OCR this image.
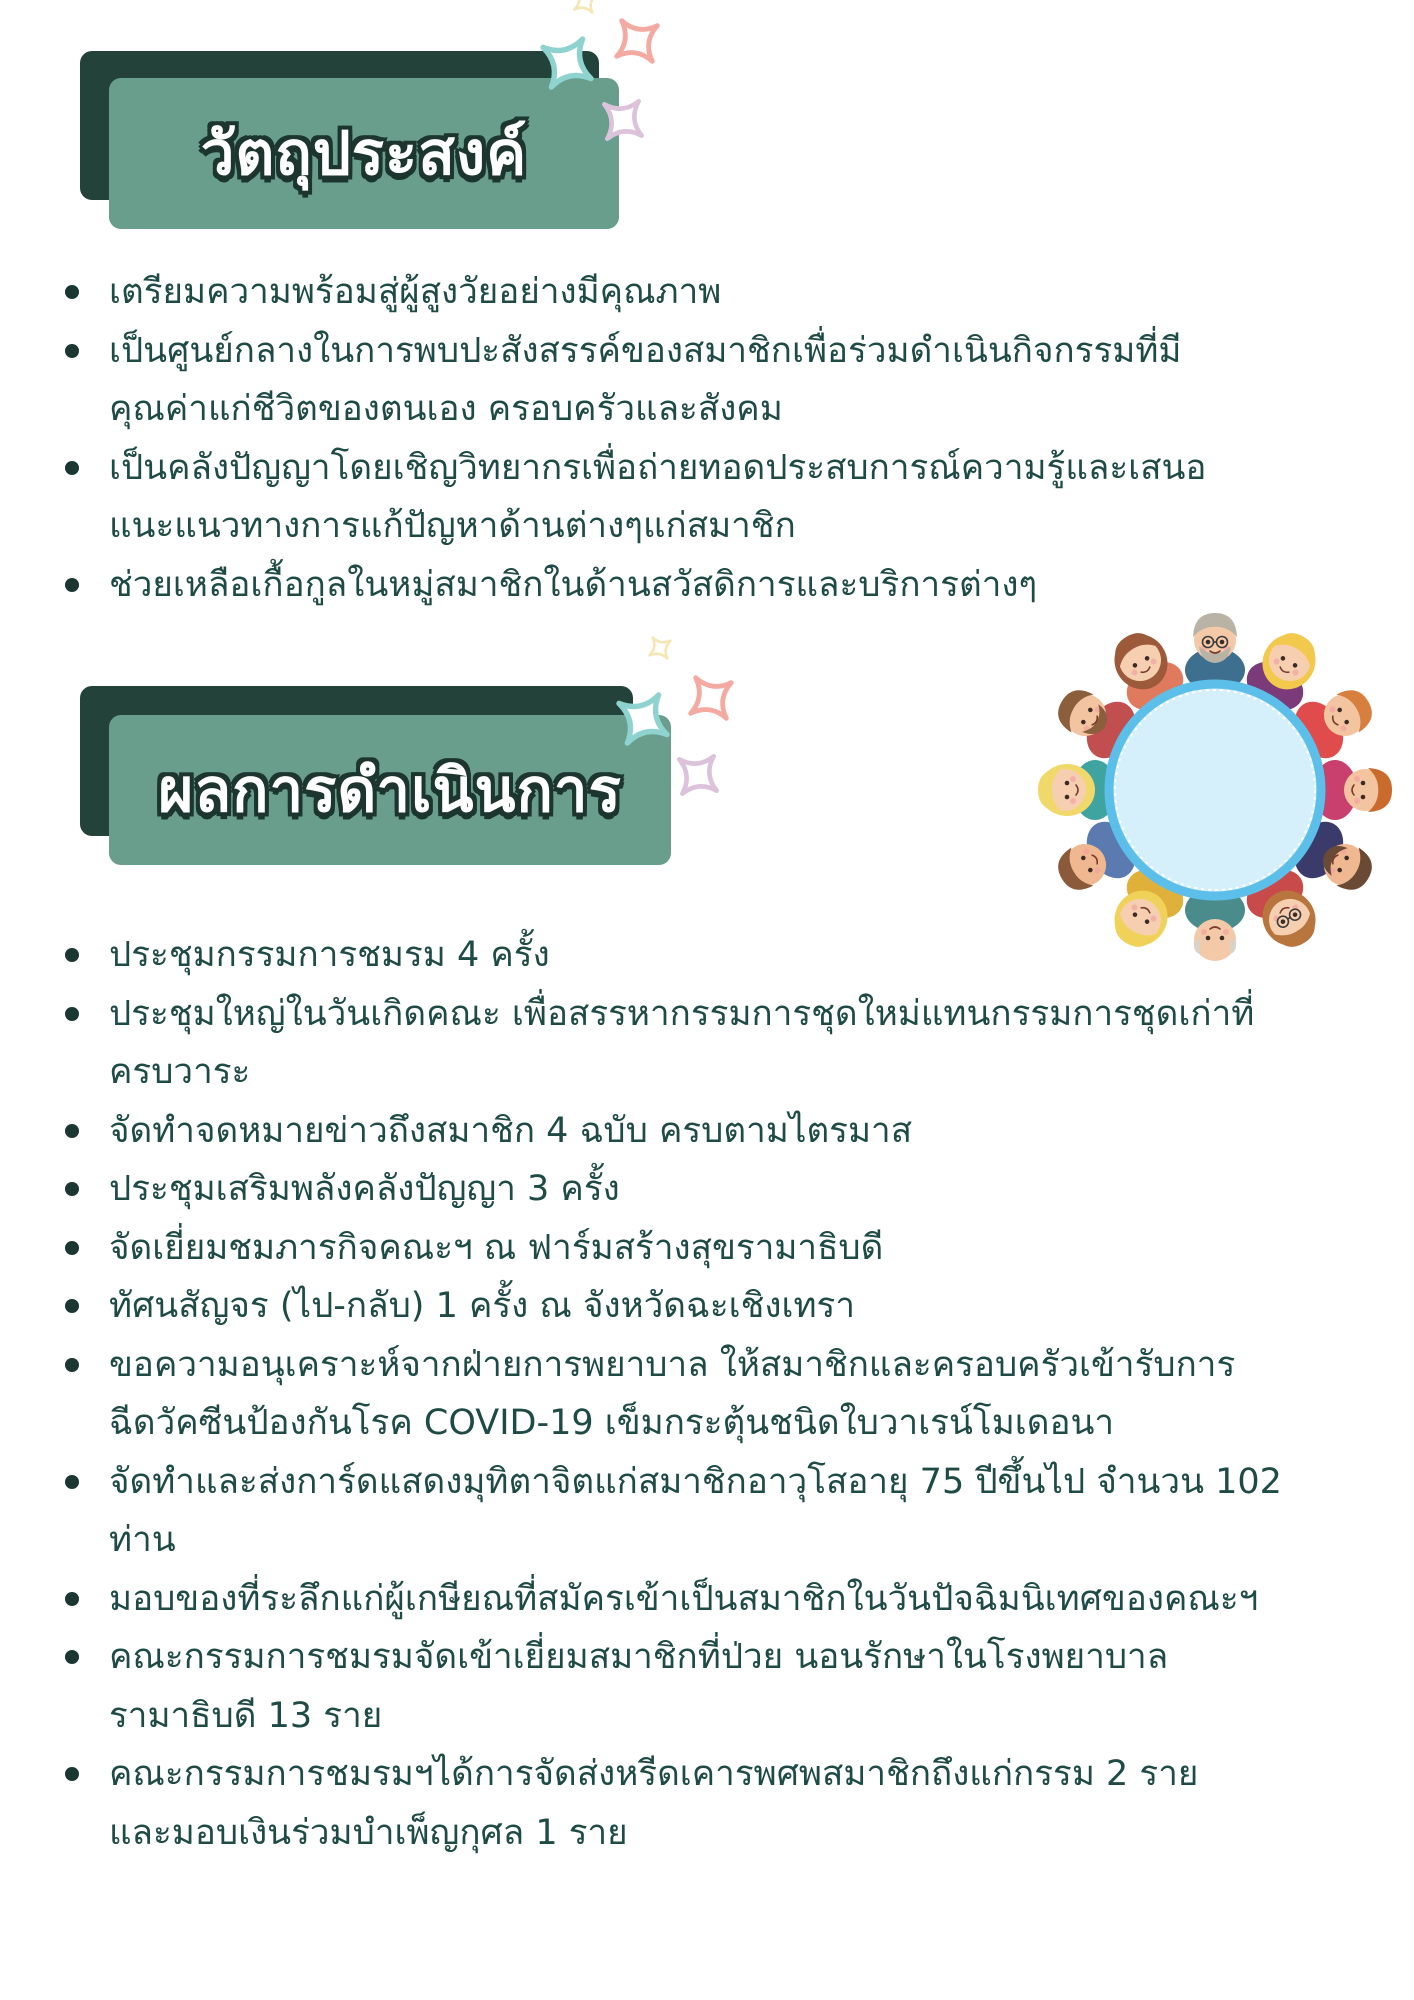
วัตถุประสงค์
เตรียมความพร้อมสู่ผู้สูงวัยอย่างมีคุณภาพ
เป็นศูนย์กลางในการพบปะสังสรรค์ของสมาชิกเพื่อร่วมดำเนินกิจกรรมที่มี
คุณค่าแก่ชีวิตของตนเอง ครอบครัวและสังคม
เป็นคลังปัญญาโดยเชิญวิทยากรเพื่อถ่ายทอดประสบการณ์ความรู้และเสนอ
แนะแนวทางการแก้ปัญหาด้านต่างๆแก่สมาชิก
ช่วยเหลือเกื้อกูลในหมู่สมาชิกในด้านสวัสดิการและบริการต่างๆ
ผลการดำเนินการ
ประชุมกรรมการชมรม 4 ครั้ง
ประชุมใหญ่ในวันเกิดคณะ เพื่อสรรหากรรมการชุดใหม่แทนกรรมการชุดเก่าที่
ครบวาระ
จัดทำจดหมายข่าวถึงสมาชิก 4 ฉบับ ครบตามไตรมาส
ประชุมเสริมพลังคลังปัญญา 3 ครั้ง
จัดเยี่ยมชมภารกิจคณะฯ ณ ฟาร์มสร้างสุขรามาธิบดี
ทัศนสัญจร (ไป-กลับ) 1 ครั้ง ณ จังหวัดฉะเชิงเทรา
ขอความอนุเคราะห์จากฝ่ายการพยาบาล ให้สมาชิกและครอบครัวเข้ารับการ
ฉีดวัคซีนป้องกันโรค COVID-19 เข็มกระตุ้นชนิดใบวาเรน์โมเดอนา
จัดทำและส่งการ์ดแสดงมุทิตาจิตแก่สมาชิกอาวุโสอายุ 75 ปีขึ้นไป จำนวน 102
ท่าน
มอบของที่ระลึกแก่ผู้เกษียณที่สมัครเข้าเป็นสมาชิกในวันปัจฉิมนิเทศของคณะฯ
คณะกรรมการชมรมจัดเข้าเยี่ยมสมาชิกที่ป่วย นอนรักษาในโรงพยาบาล
รามาธิบดี 13 ราย
คณะกรรมการชมรมฯได้การจัดส่งหรีดเคารพศพสมาชิกถึงแก่กรรม 2 ราย
และมอบเงินร่วมบำเพ็ญกุศล 1 ราย
